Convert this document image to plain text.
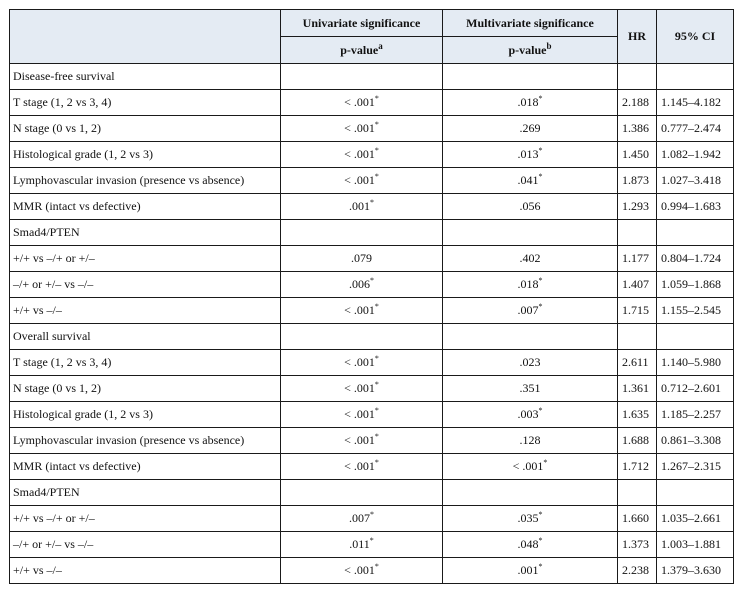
	Univariate significance	Multivariate significance	HR	95% CI
	p-value$^a$	p-value$^b$
Disease-free survival				
T stage (1, 2 vs 3, 4)	< .001*	.018*	2.188	1.145–4.182
N stage (0 vs 1, 2)	< .001*	.269	1.386	0.777–2.474
Histological grade (1, 2 vs 3)	< .001*	.013*	1.450	1.082–1.942
Lymphovascular invasion (presence vs absence)	< .001*	.041*	1.873	1.027–3.418
MMR (intact vs defective)	.001*	.056	1.293	0.994–1.683
Smad4/PTEN				
+/+ vs –/+ or +/–	.079	.402	1.177	0.804–1.724
–/+ or +/– vs –/–	.006*	.018*	1.407	1.059–1.868
+/+ vs –/–	< .001*	.007*	1.715	1.155–2.545
Overall survival				
T stage (1, 2 vs 3, 4)	< .001*	.023	2.611	1.140–5.980
N stage (0 vs 1, 2)	< .001*	.351	1.361	0.712–2.601
Histological grade (1, 2 vs 3)	< .001*	.003*	1.635	1.185–2.257
Lymphovascular invasion (presence vs absence)	< .001*	.128	1.688	0.861–3.308
MMR (intact vs defective)	< .001*	< .001*	1.712	1.267–2.315
Smad4/PTEN				
+/+ vs –/+ or +/–	.007*	.035*	1.660	1.035–2.661
–/+ or +/– vs –/–	.011*	.048*	1.373	1.003–1.881
+/+ vs –/–	< .001*	.001*	2.238	1.379–3.630
